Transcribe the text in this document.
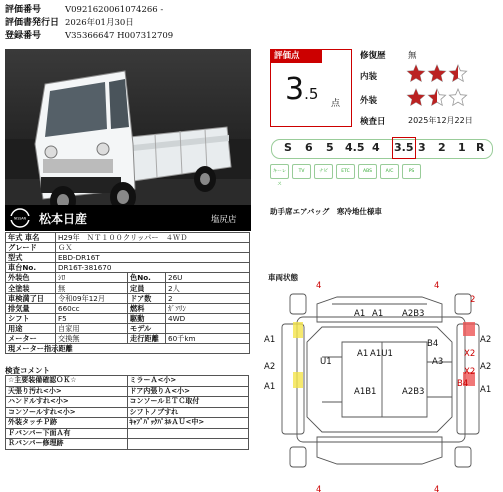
評価番号	V0921620061074266 -
評価書発行日 2026年01月30日
登録番号	V35366647 H007312709
NISSAN 松本日産	塩尻店
年式 車名	H29年　ＮＴ１００クリッパー　４ＷＤ		
グレード	ＧＸ		
型式	EBD-DR16T		
車台No.	DR16T-381670		
外装色	ｼﾛ	色No.	26U
全塗装	無	定員	2人
車検満了日	令和09年12月	ドア数	2
排気量	660cc	燃料	ｶﾞｿﾘﾝ
シフト	F5	駆動	4WD
用途	自家用	モデル	
メーター	交換無	走行距離	60千km
現メーター指示距離			
検査コメント
☆主要装備確認ＯＫ☆	ミラーＡ<小>
天張り汚れ<小>	ドア内張りＡ<小>
ハンドルすれ<小>	コンソールＥＴＣ取付
コンソールすれ<小>	シフトノブすれ
外装タッチＰ跡	ｷｬﾌﾞﾊﾞｯｸﾊﾟﾈﾙＡＵ<中>
Ｆバンパー下面Ａ有	
Ｒバンパー修理跡	
評価点
3.5
点
修復歴	無
内装
外装
検査日	2025年12月22日
S 6 5 4.5 4 3.5 3 2 1 R
キーレスTV	ナビ	ETC	ABS	A/C	PS
助手席エアバッグ　寒冷地仕様車
車両状態
4	4
A1 A1 A2B3
2
A1	A2
B4
A1
A3
A1U1
U1
A2	A2
A1	A1B1	A2B3	A1
4	4
X2
X2
B4
